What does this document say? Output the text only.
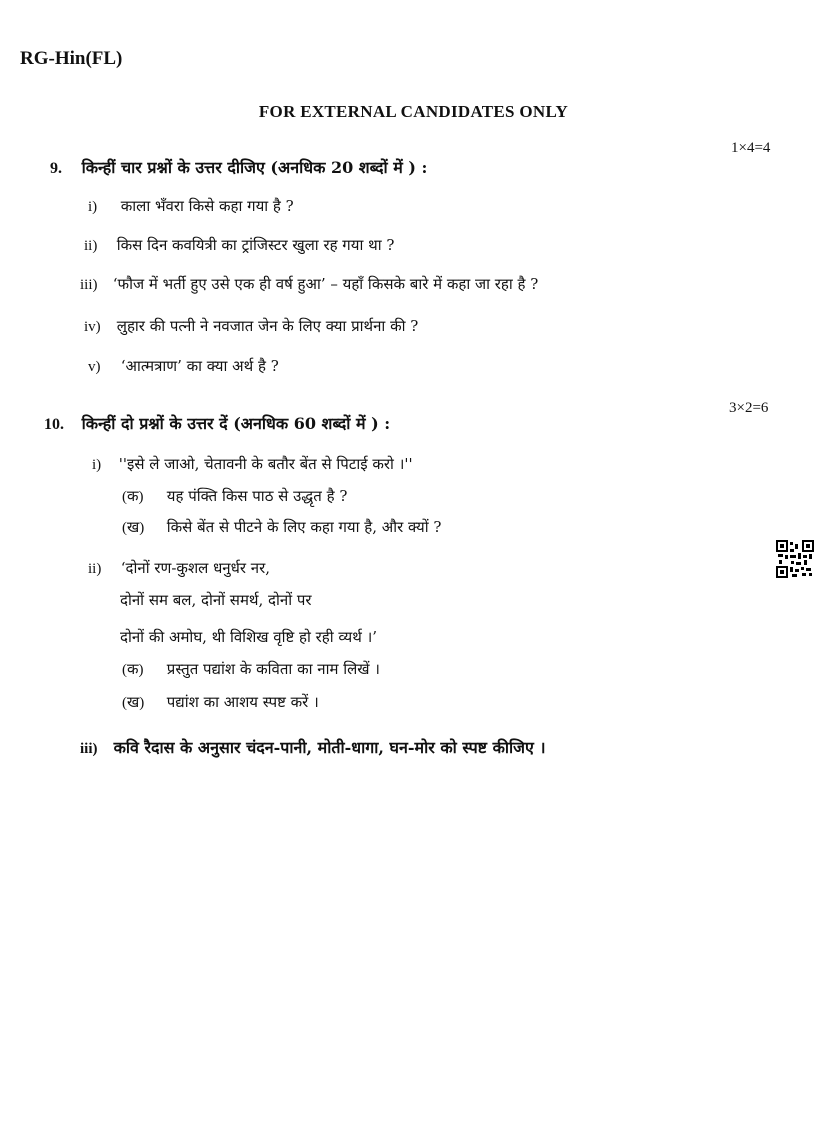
RG-Hin(FL)
FOR EXTERNAL CANDIDATES ONLY
1×4=4
9. किन्हीं चार प्रश्नों के उत्तर दीजिए (अनधिक 20 शब्दों में ) :
i) काला भँवरा किसे कहा गया है ?
ii) किस दिन कवयित्री का ट्रांजिस्टर खुला रह गया था ?
iii) ‘फौज में भर्ती हुए उसे एक ही वर्ष हुआ’ – यहाँ किसके बारे में कहा जा रहा है ?
iv) लुहार की पत्नी ने नवजात जेन के लिए क्या प्रार्थना की ?
v) ‘आत्मत्राण’ का क्या अर्थ है ?
3×2=6
10. किन्हीं दो प्रश्नों के उत्तर दें (अनधिक 60 शब्दों में ) :
i) ''इसे ले जाओ, चेतावनी के बतौर बेंत से पिटाई करो ।''
(क) यह पंक्ति किस पाठ से उद्धृत है ?
(ख) किसे बेंत से पीटने के लिए कहा गया है, और क्यों ?
ii) ‘दोनों रण-कुशल धनुर्धर नर,
दोनों सम बल, दोनों समर्थ, दोनों पर
दोनों की अमोघ, थी विशिख वृष्टि हो रही व्यर्थ ।’
(क) प्रस्तुत पद्यांश के कविता का नाम लिखें ।
(ख) पद्यांश का आशय स्पष्ट करें ।
iii) कवि रैदास के अनुसार चंदन-पानी, मोती-धागा, घन-मोर को स्पष्ट कीजिए ।
